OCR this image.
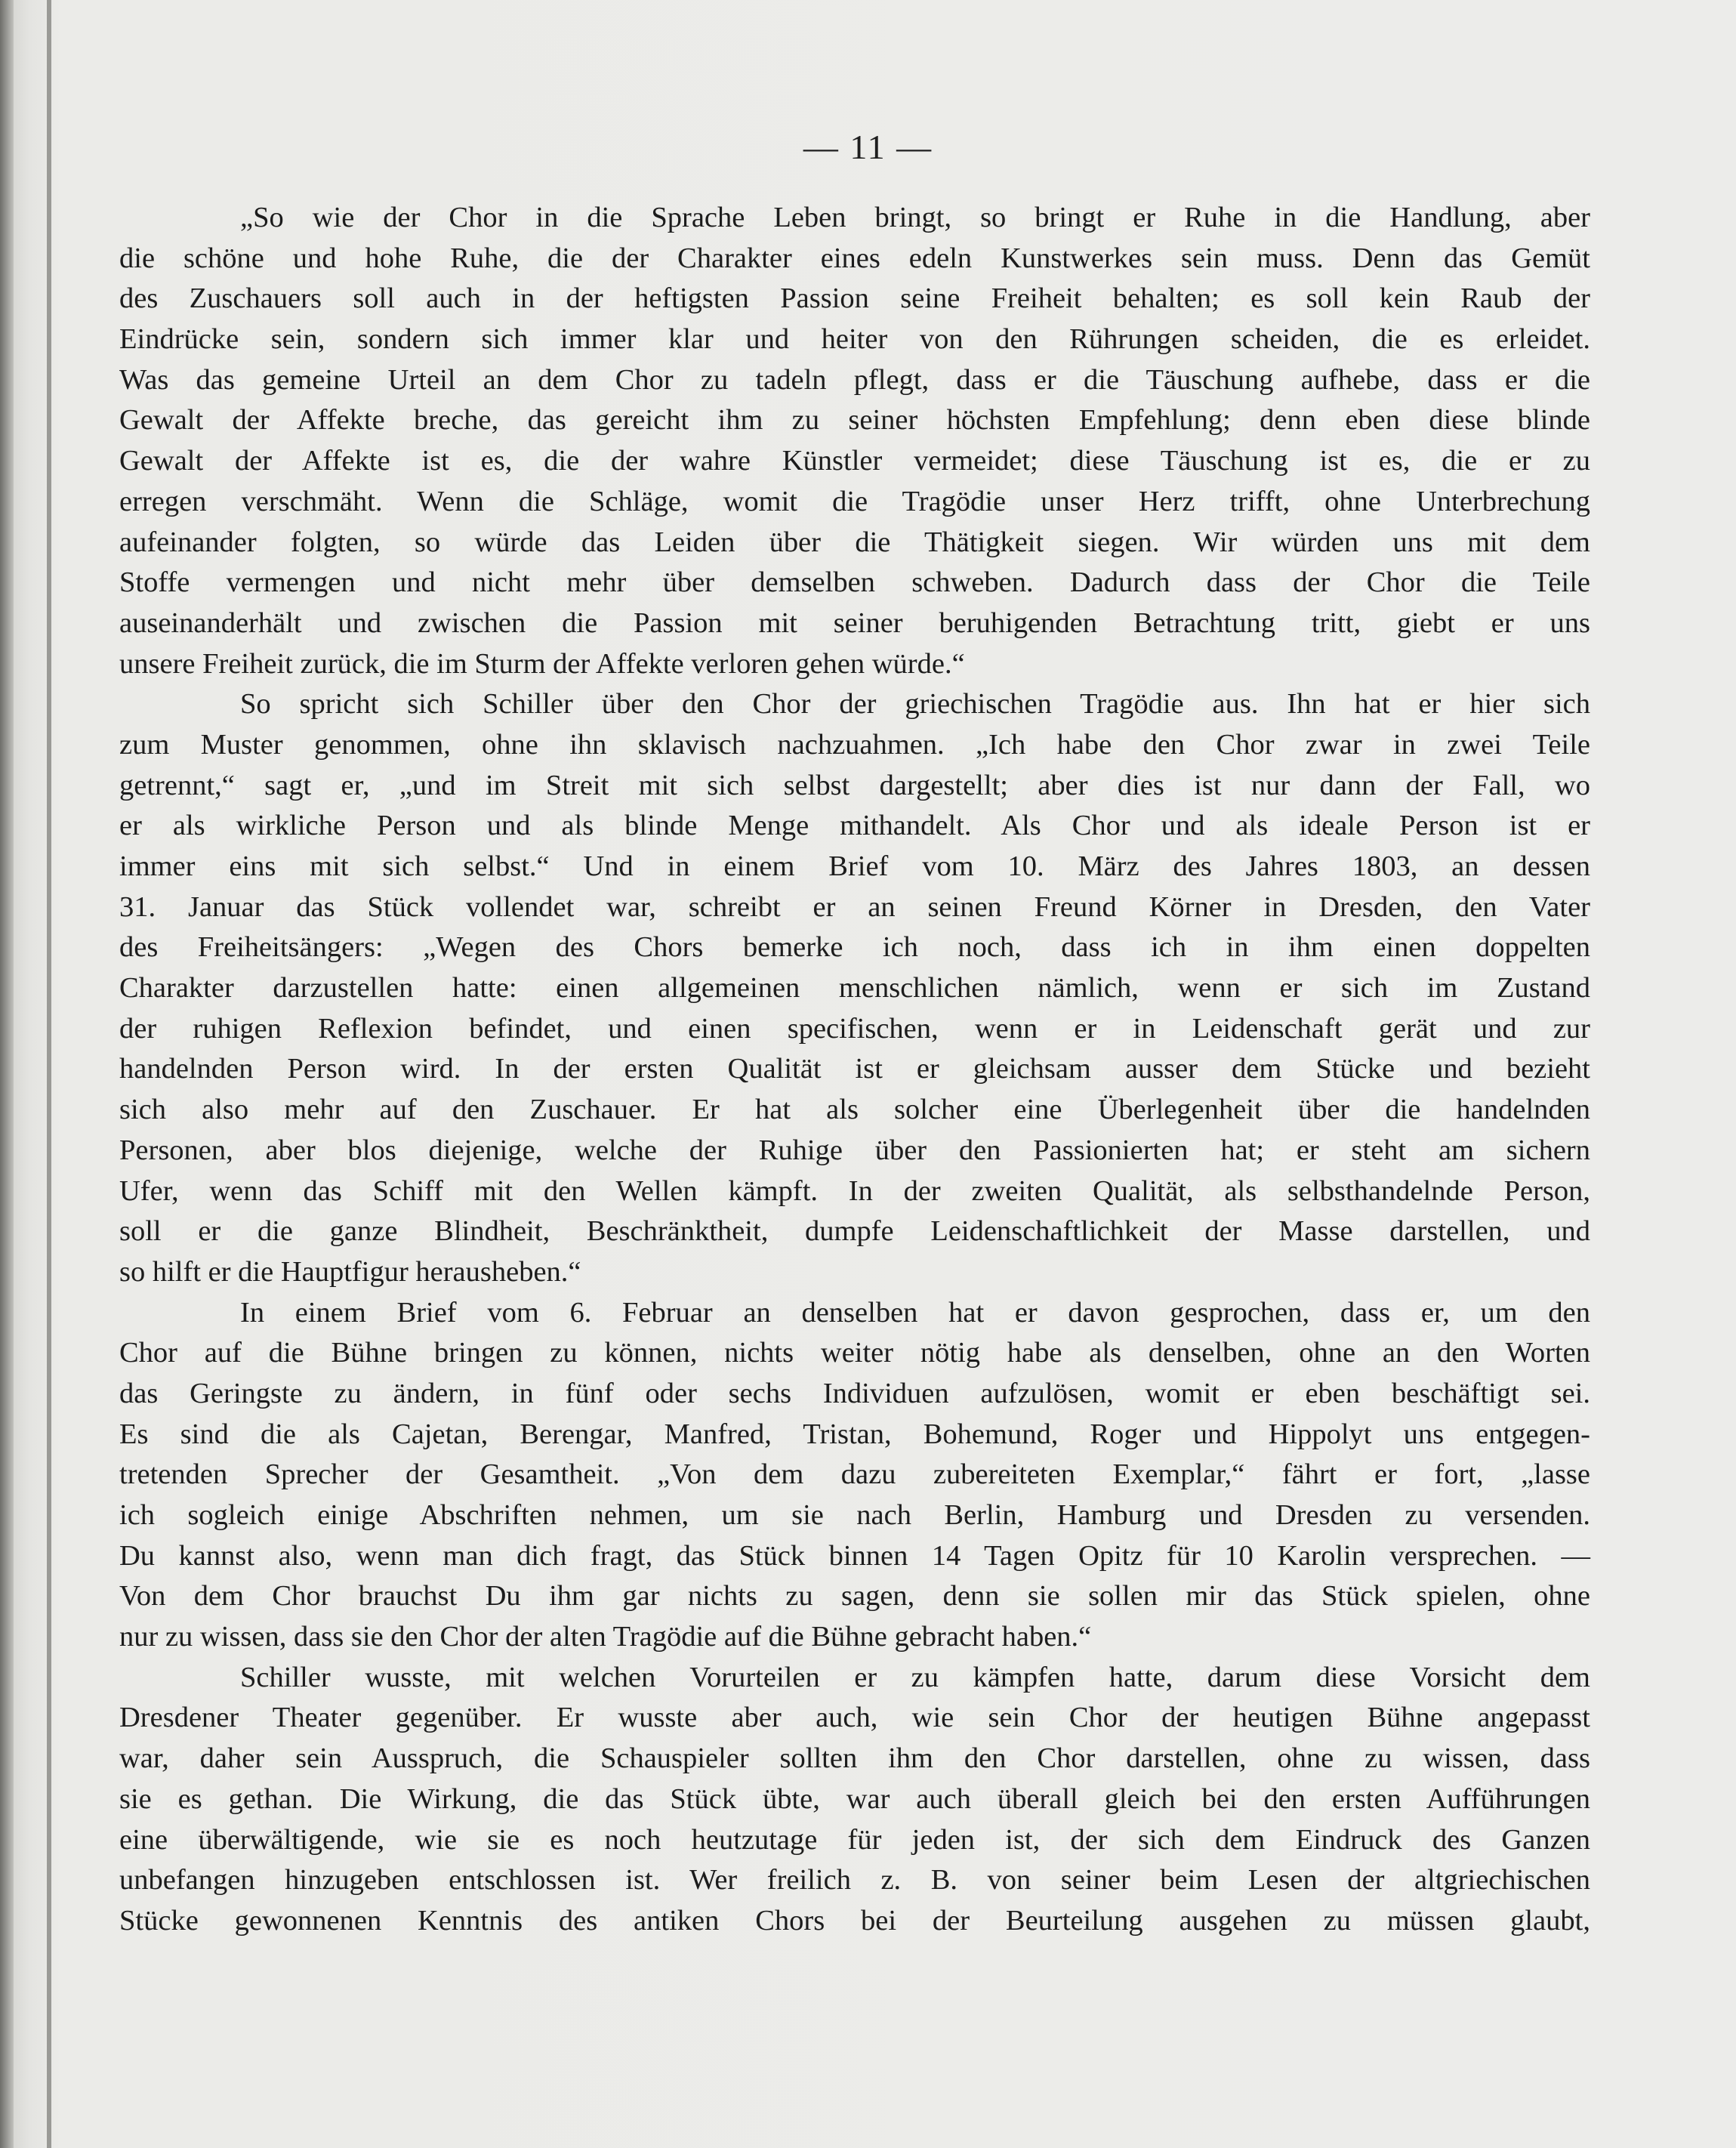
— 11 —
„So wie der Chor in die Sprache Leben bringt, so bringt er Ruhe in die Handlung, aber
die schöne und hohe Ruhe, die der Charakter eines edeln Kunstwerkes sein muss. Denn das Gemüt
des Zuschauers soll auch in der heftigsten Passion seine Freiheit behalten; es soll kein Raub der
Eindrücke sein, sondern sich immer klar und heiter von den Rührungen scheiden, die es erleidet.
Was das gemeine Urteil an dem Chor zu tadeln pflegt, dass er die Täuschung aufhebe, dass er die
Gewalt der Affekte breche, das gereicht ihm zu seiner höchsten Empfehlung; denn eben diese blinde
Gewalt der Affekte ist es, die der wahre Künstler vermeidet; diese Täuschung ist es, die er zu
erregen verschmäht. Wenn die Schläge, womit die Tragödie unser Herz trifft, ohne Unterbrechung
aufeinander folgten, so würde das Leiden über die Thätigkeit siegen. Wir würden uns mit dem
Stoffe vermengen und nicht mehr über demselben schweben. Dadurch dass der Chor die Teile
auseinanderhält und zwischen die Passion mit seiner beruhigenden Betrachtung tritt, giebt er uns
unsere Freiheit zurück, die im Sturm der Affekte verloren gehen würde.“
So spricht sich Schiller über den Chor der griechischen Tragödie aus. Ihn hat er hier sich
zum Muster genommen, ohne ihn sklavisch nachzuahmen. „Ich habe den Chor zwar in zwei Teile
getrennt,“ sagt er, „und im Streit mit sich selbst dargestellt; aber dies ist nur dann der Fall, wo
er als wirkliche Person und als blinde Menge mithandelt. Als Chor und als ideale Person ist er
immer eins mit sich selbst.“ Und in einem Brief vom 10. März des Jahres 1803, an dessen
31. Januar das Stück vollendet war, schreibt er an seinen Freund Körner in Dresden, den Vater
des Freiheitsängers: „Wegen des Chors bemerke ich noch, dass ich in ihm einen doppelten
Charakter darzustellen hatte: einen allgemeinen menschlichen nämlich, wenn er sich im Zustand
der ruhigen Reflexion befindet, und einen specifischen, wenn er in Leidenschaft gerät und zur
handelnden Person wird. In der ersten Qualität ist er gleichsam ausser dem Stücke und bezieht
sich also mehr auf den Zuschauer. Er hat als solcher eine Überlegenheit über die handelnden
Personen, aber blos diejenige, welche der Ruhige über den Passionierten hat; er steht am sichern
Ufer, wenn das Schiff mit den Wellen kämpft. In der zweiten Qualität, als selbsthandelnde Person,
soll er die ganze Blindheit, Beschränktheit, dumpfe Leidenschaftlichkeit der Masse darstellen, und
so hilft er die Hauptfigur herausheben.“
In einem Brief vom 6. Februar an denselben hat er davon gesprochen, dass er, um den
Chor auf die Bühne bringen zu können, nichts weiter nötig habe als denselben, ohne an den Worten
das Geringste zu ändern, in fünf oder sechs Individuen aufzulösen, womit er eben beschäftigt sei.
Es sind die als Cajetan, Berengar, Manfred, Tristan, Bohemund, Roger und Hippolyt uns entgegen-
tretenden Sprecher der Gesamtheit. „Von dem dazu zubereiteten Exemplar,“ fährt er fort, „lasse
ich sogleich einige Abschriften nehmen, um sie nach Berlin, Hamburg und Dresden zu versenden.
Du kannst also, wenn man dich fragt, das Stück binnen 14 Tagen Opitz für 10 Karolin versprechen. —
Von dem Chor brauchst Du ihm gar nichts zu sagen, denn sie sollen mir das Stück spielen, ohne
nur zu wissen, dass sie den Chor der alten Tragödie auf die Bühne gebracht haben.“
Schiller wusste, mit welchen Vorurteilen er zu kämpfen hatte, darum diese Vorsicht dem
Dresdener Theater gegenüber. Er wusste aber auch, wie sein Chor der heutigen Bühne angepasst
war, daher sein Ausspruch, die Schauspieler sollten ihm den Chor darstellen, ohne zu wissen, dass
sie es gethan. Die Wirkung, die das Stück übte, war auch überall gleich bei den ersten Aufführungen
eine überwältigende, wie sie es noch heutzutage für jeden ist, der sich dem Eindruck des Ganzen
unbefangen hinzugeben entschlossen ist. Wer freilich z. B. von seiner beim Lesen der altgriechischen
Stücke gewonnenen Kenntnis des antiken Chors bei der Beurteilung ausgehen zu müssen glaubt,
